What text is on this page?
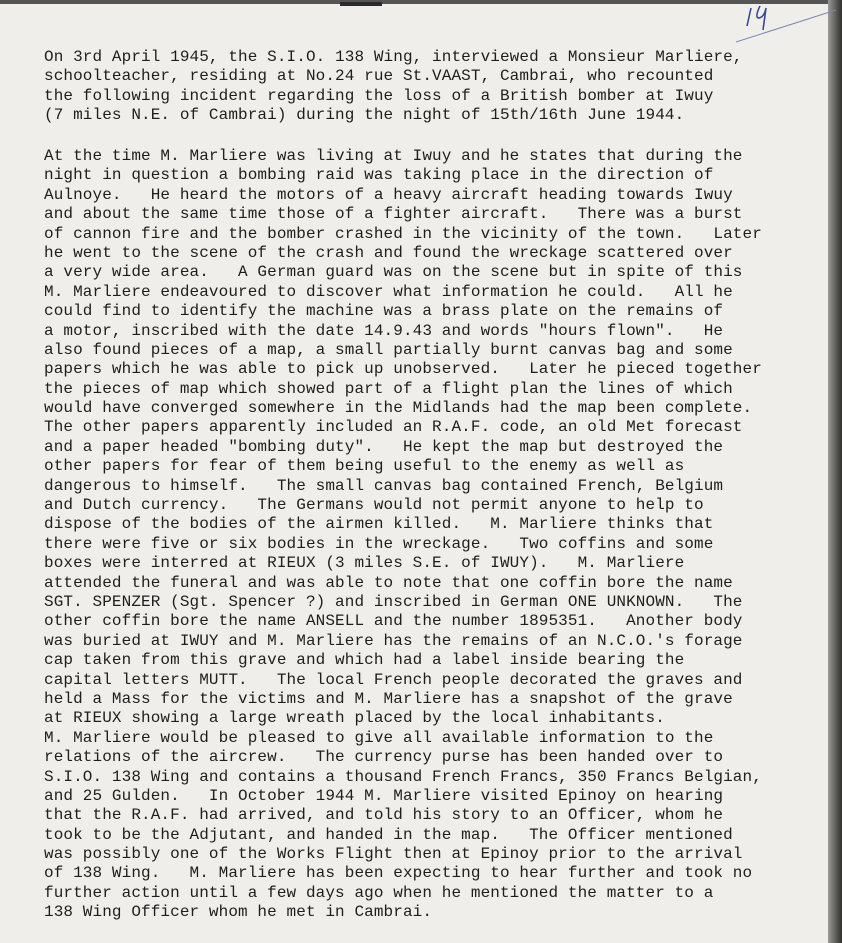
On 3rd April 1945, the S.I.O. 138 Wing, interviewed a Monsieur Marliere,
schoolteacher, residing at No.24 rue St.VAAST, Cambrai, who recounted
the following incident regarding the loss of a British bomber at Iwuy
(7 miles N.E. of Cambrai) during the night of 15th/16th June 1944.
At the time M. Marliere was living at Iwuy and he states that during the
night in question a bombing raid was taking place in the direction of
Aulnoye.   He heard the motors of a heavy aircraft heading towards Iwuy
and about the same time those of a fighter aircraft.   There was a burst
of cannon fire and the bomber crashed in the vicinity of the town.   Later
he went to the scene of the crash and found the wreckage scattered over
a very wide area.   A German guard was on the scene but in spite of this
M. Marliere endeavoured to discover what information he could.   All he
could find to identify the machine was a brass plate on the remains of
a motor, inscribed with the date 14.9.43 and words "hours flown".   He
also found pieces of a map, a small partially burnt canvas bag and some
papers which he was able to pick up unobserved.   Later he pieced together
the pieces of map which showed part of a flight plan the lines of which
would have converged somewhere in the Midlands had the map been complete.
The other papers apparently included an R.A.F. code, an old Met forecast
and a paper headed "bombing duty".   He kept the map but destroyed the
other papers for fear of them being useful to the enemy as well as
dangerous to himself.   The small canvas bag contained French, Belgium
and Dutch currency.   The Germans would not permit anyone to help to
dispose of the bodies of the airmen killed.   M. Marliere thinks that
there were five or six bodies in the wreckage.   Two coffins and some
boxes were interred at RIEUX (3 miles S.E. of IWUY).   M. Marliere
attended the funeral and was able to note that one coffin bore the name
SGT. SPENZER (Sgt. Spencer ?) and inscribed in German ONE UNKNOWN.   The
other coffin bore the name ANSELL and the number 1895351.   Another body
was buried at IWUY and M. Marliere has the remains of an N.C.O.'s forage
cap taken from this grave and which had a label inside bearing the
capital letters MUTT.   The local French people decorated the graves and
held a Mass for the victims and M. Marliere has a snapshot of the grave
at RIEUX showing a large wreath placed by the local inhabitants.
M. Marliere would be pleased to give all available information to the
relations of the aircrew.   The currency purse has been handed over to
S.I.O. 138 Wing and contains a thousand French Francs, 350 Francs Belgian,
and 25 Gulden.   In October 1944 M. Marliere visited Epinoy on hearing
that the R.A.F. had arrived, and told his story to an Officer, whom he
took to be the Adjutant, and handed in the map.   The Officer mentioned
was possibly one of the Works Flight then at Epinoy prior to the arrival
of 138 Wing.   M. Marliere has been expecting to hear further and took no
further action until a few days ago when he mentioned the matter to a
138 Wing Officer whom he met in Cambrai.
